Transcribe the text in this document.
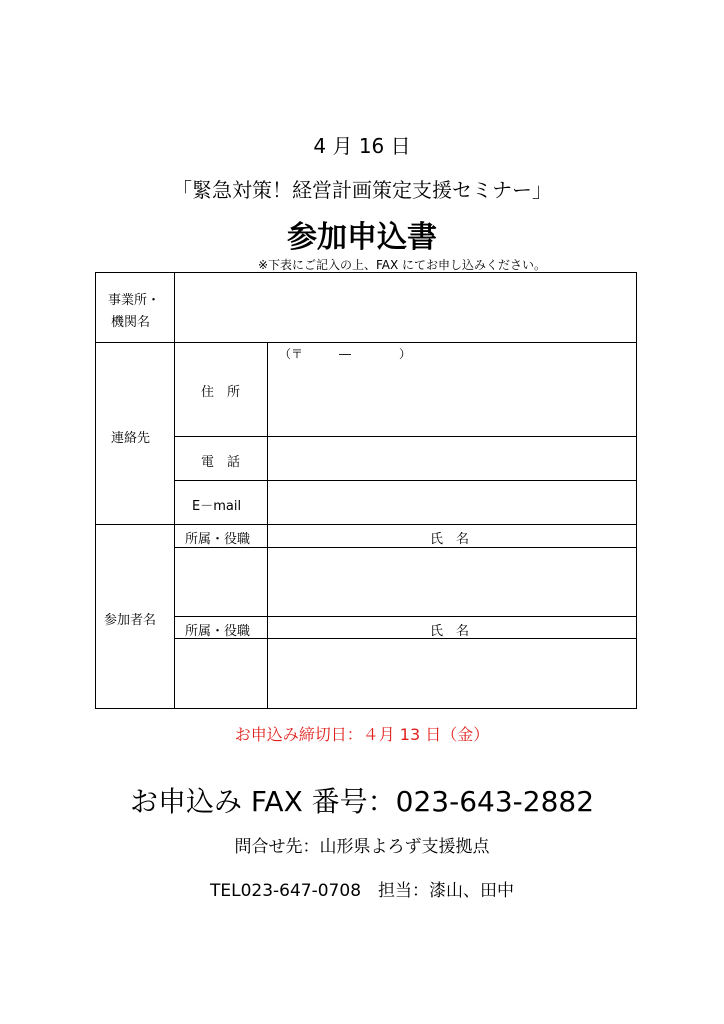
4 月 16 日
「緊急対策！経営計画策定支援セミナー」
参加申込書
※下表にご記入の上、FAX にてお申し込みください。
事業所・
機関名
連絡先
住　所
（〒　　　―　　　　）
電　話
E－mail
参加者名
所属・役職	氏　名
所属・役職	氏　名
お申込み締切日：４月 13 日（金）
お申込み FAX 番号：023-643-2882
問合せ先：山形県よろず支援拠点
TEL023-647-0708　担当：漆山、田中
